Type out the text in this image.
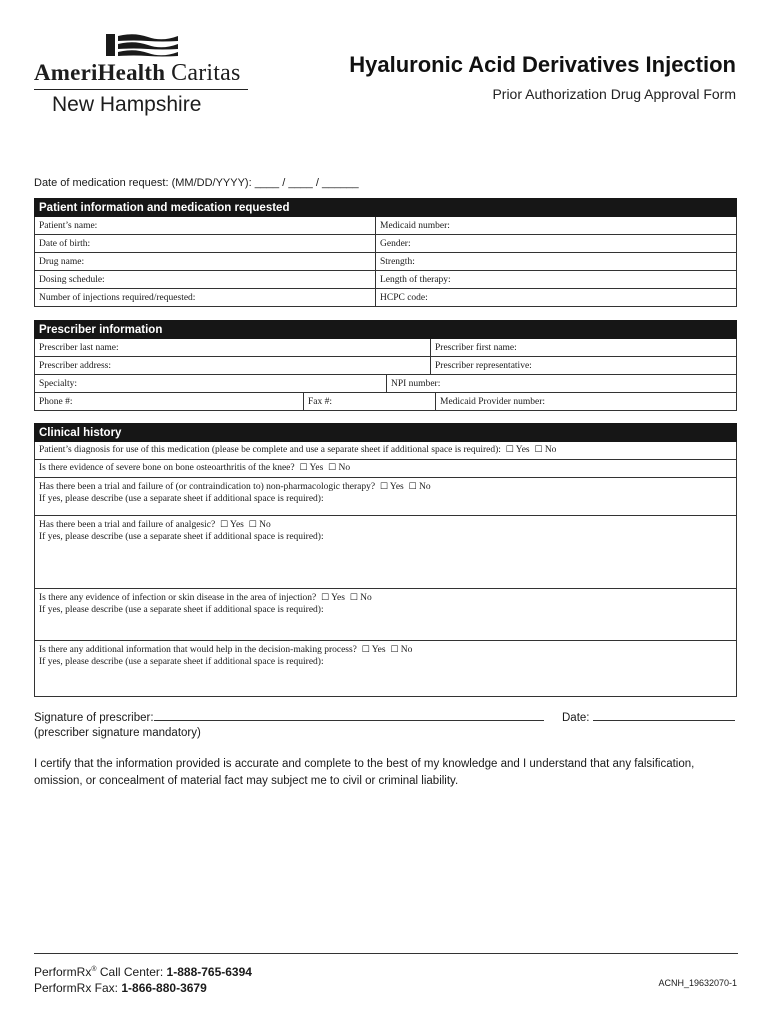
AmeriHealth Caritas
New Hampshire
Hyaluronic Acid Derivatives Injection
Prior Authorization Drug Approval Form
Date of medication request: (MM/DD/YYYY): ____ / ____ / ______
Patient information and medication requested
Patient’s name:	Medicaid number:
Date of birth:	Gender:
Drug name:	Strength:
Dosing schedule:	Length of therapy:
Number of injections required/requested:	HCPC code:
Prescriber information
Prescriber last name:	Prescriber first name:
Prescriber address:	Prescriber representative:
Specialty:	NPI number:
Phone #:	Fax #:	Medicaid Provider number:
Clinical history
Patient’s diagnosis for use of this medication (please be complete and use a separate sheet if additional space is required): ☐ Yes ☐ No
Is there evidence of severe bone on bone osteoarthritis of the knee? ☐ Yes ☐ No
Has there been a trial and failure of (or contraindication to) non-pharmacologic therapy? ☐ Yes ☐ No
If yes, please describe (use a separate sheet if additional space is required):
Has there been a trial and failure of analgesic? ☐ Yes ☐ No
If yes, please describe (use a separate sheet if additional space is required):
Is there any evidence of infection or skin disease in the area of injection? ☐ Yes ☐ No
If yes, please describe (use a separate sheet if additional space is required):
Is there any additional information that would help in the decision-making process? ☐ Yes ☐ No
If yes, please describe (use a separate sheet if additional space is required):
Signature of prescriber:
(prescriber signature mandatory)
Date:
I certify that the information provided is accurate and complete to the best of my knowledge and I understand that any falsification, omission, or concealment of material fact may subject me to civil or criminal liability.
PerformRx® Call Center: 1-888-765-6394
PerformRx Fax: 1-866-880-3679	ACNH_19632070-1
